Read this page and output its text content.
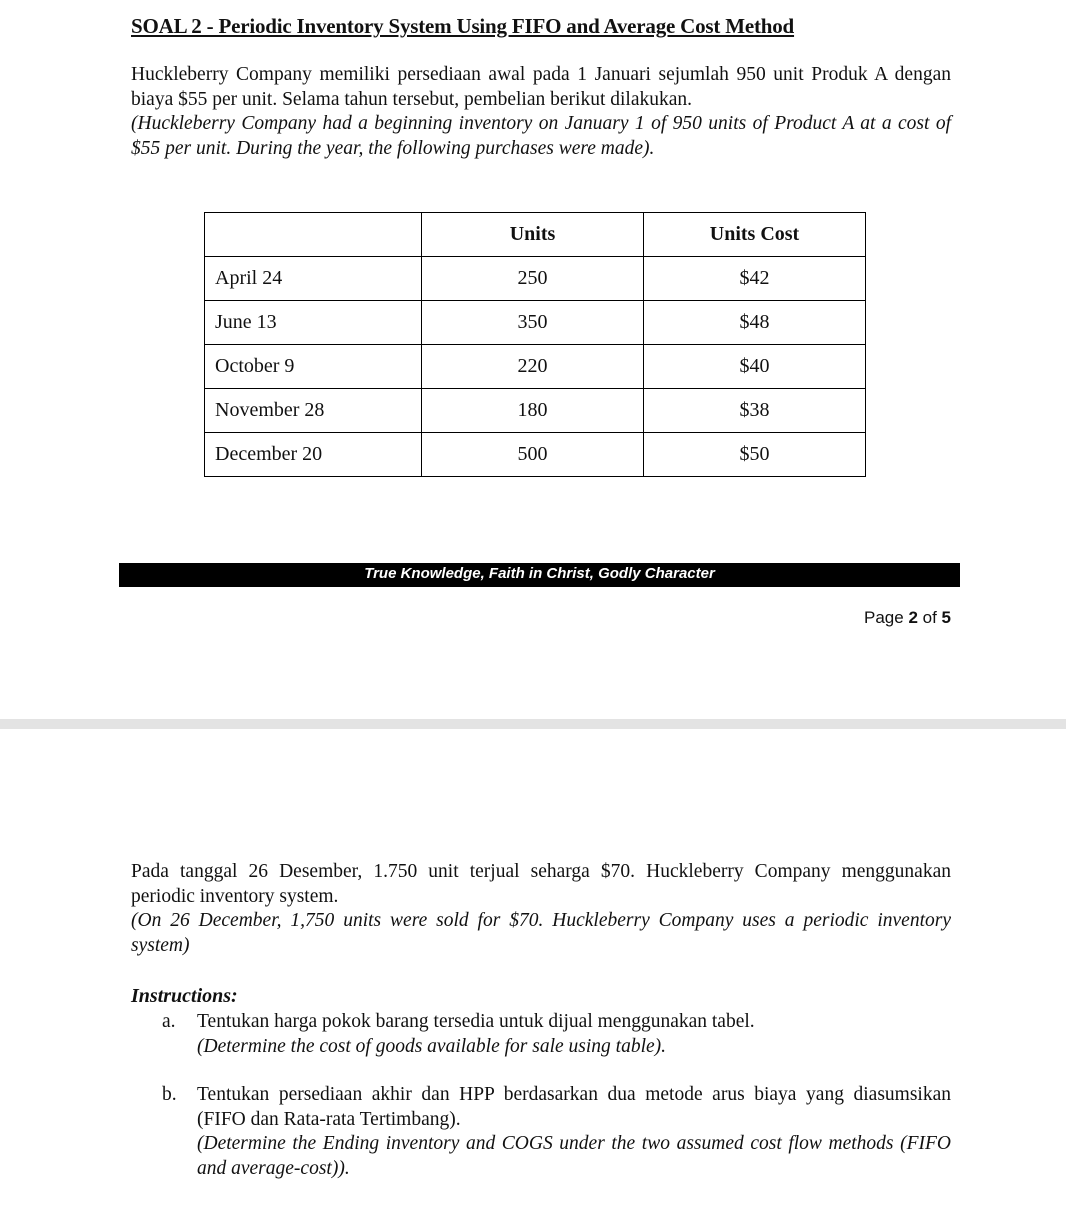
SOAL 2 - Periodic Inventory System Using FIFO and Average Cost Method

Huckleberry Company memiliki persediaan awal pada 1 Januari sejumlah 950 unit Produk A dengan biaya $55 per unit. Selama tahun tersebut, pembelian berikut dilakukan.

(Huckleberry Company had a beginning inventory on January 1 of 950 units of Product A at a cost of $55 per unit. During the year, the following purchases were made).

	Units	Units Cost
April 24	250	$42
June 13	350	$48
October 9	220	$40
November 28	180	$38
December 20	500	$50
True Knowledge, Faith in Christ, Godly Character
Page 2 of 5

Pada tanggal 26 Desember, 1.750 unit terjual seharga $70. Huckleberry Company menggunakan periodic inventory system.

(On 26 December, 1,750 units were sold for $70. Huckleberry Company uses a periodic inventory system)

Instructions:
a.	Tentukan harga pokok barang tersedia untuk dijual menggunakan tabel.

(Determine the cost of goods available for sale using table).

b.	Tentukan persediaan akhir dan HPP berdasarkan dua metode arus biaya yang diasumsikan (FIFO dan Rata-rata Tertimbang).

(Determine the Ending inventory and COGS under the two assumed cost flow methods (FIFO and average-cost)).
